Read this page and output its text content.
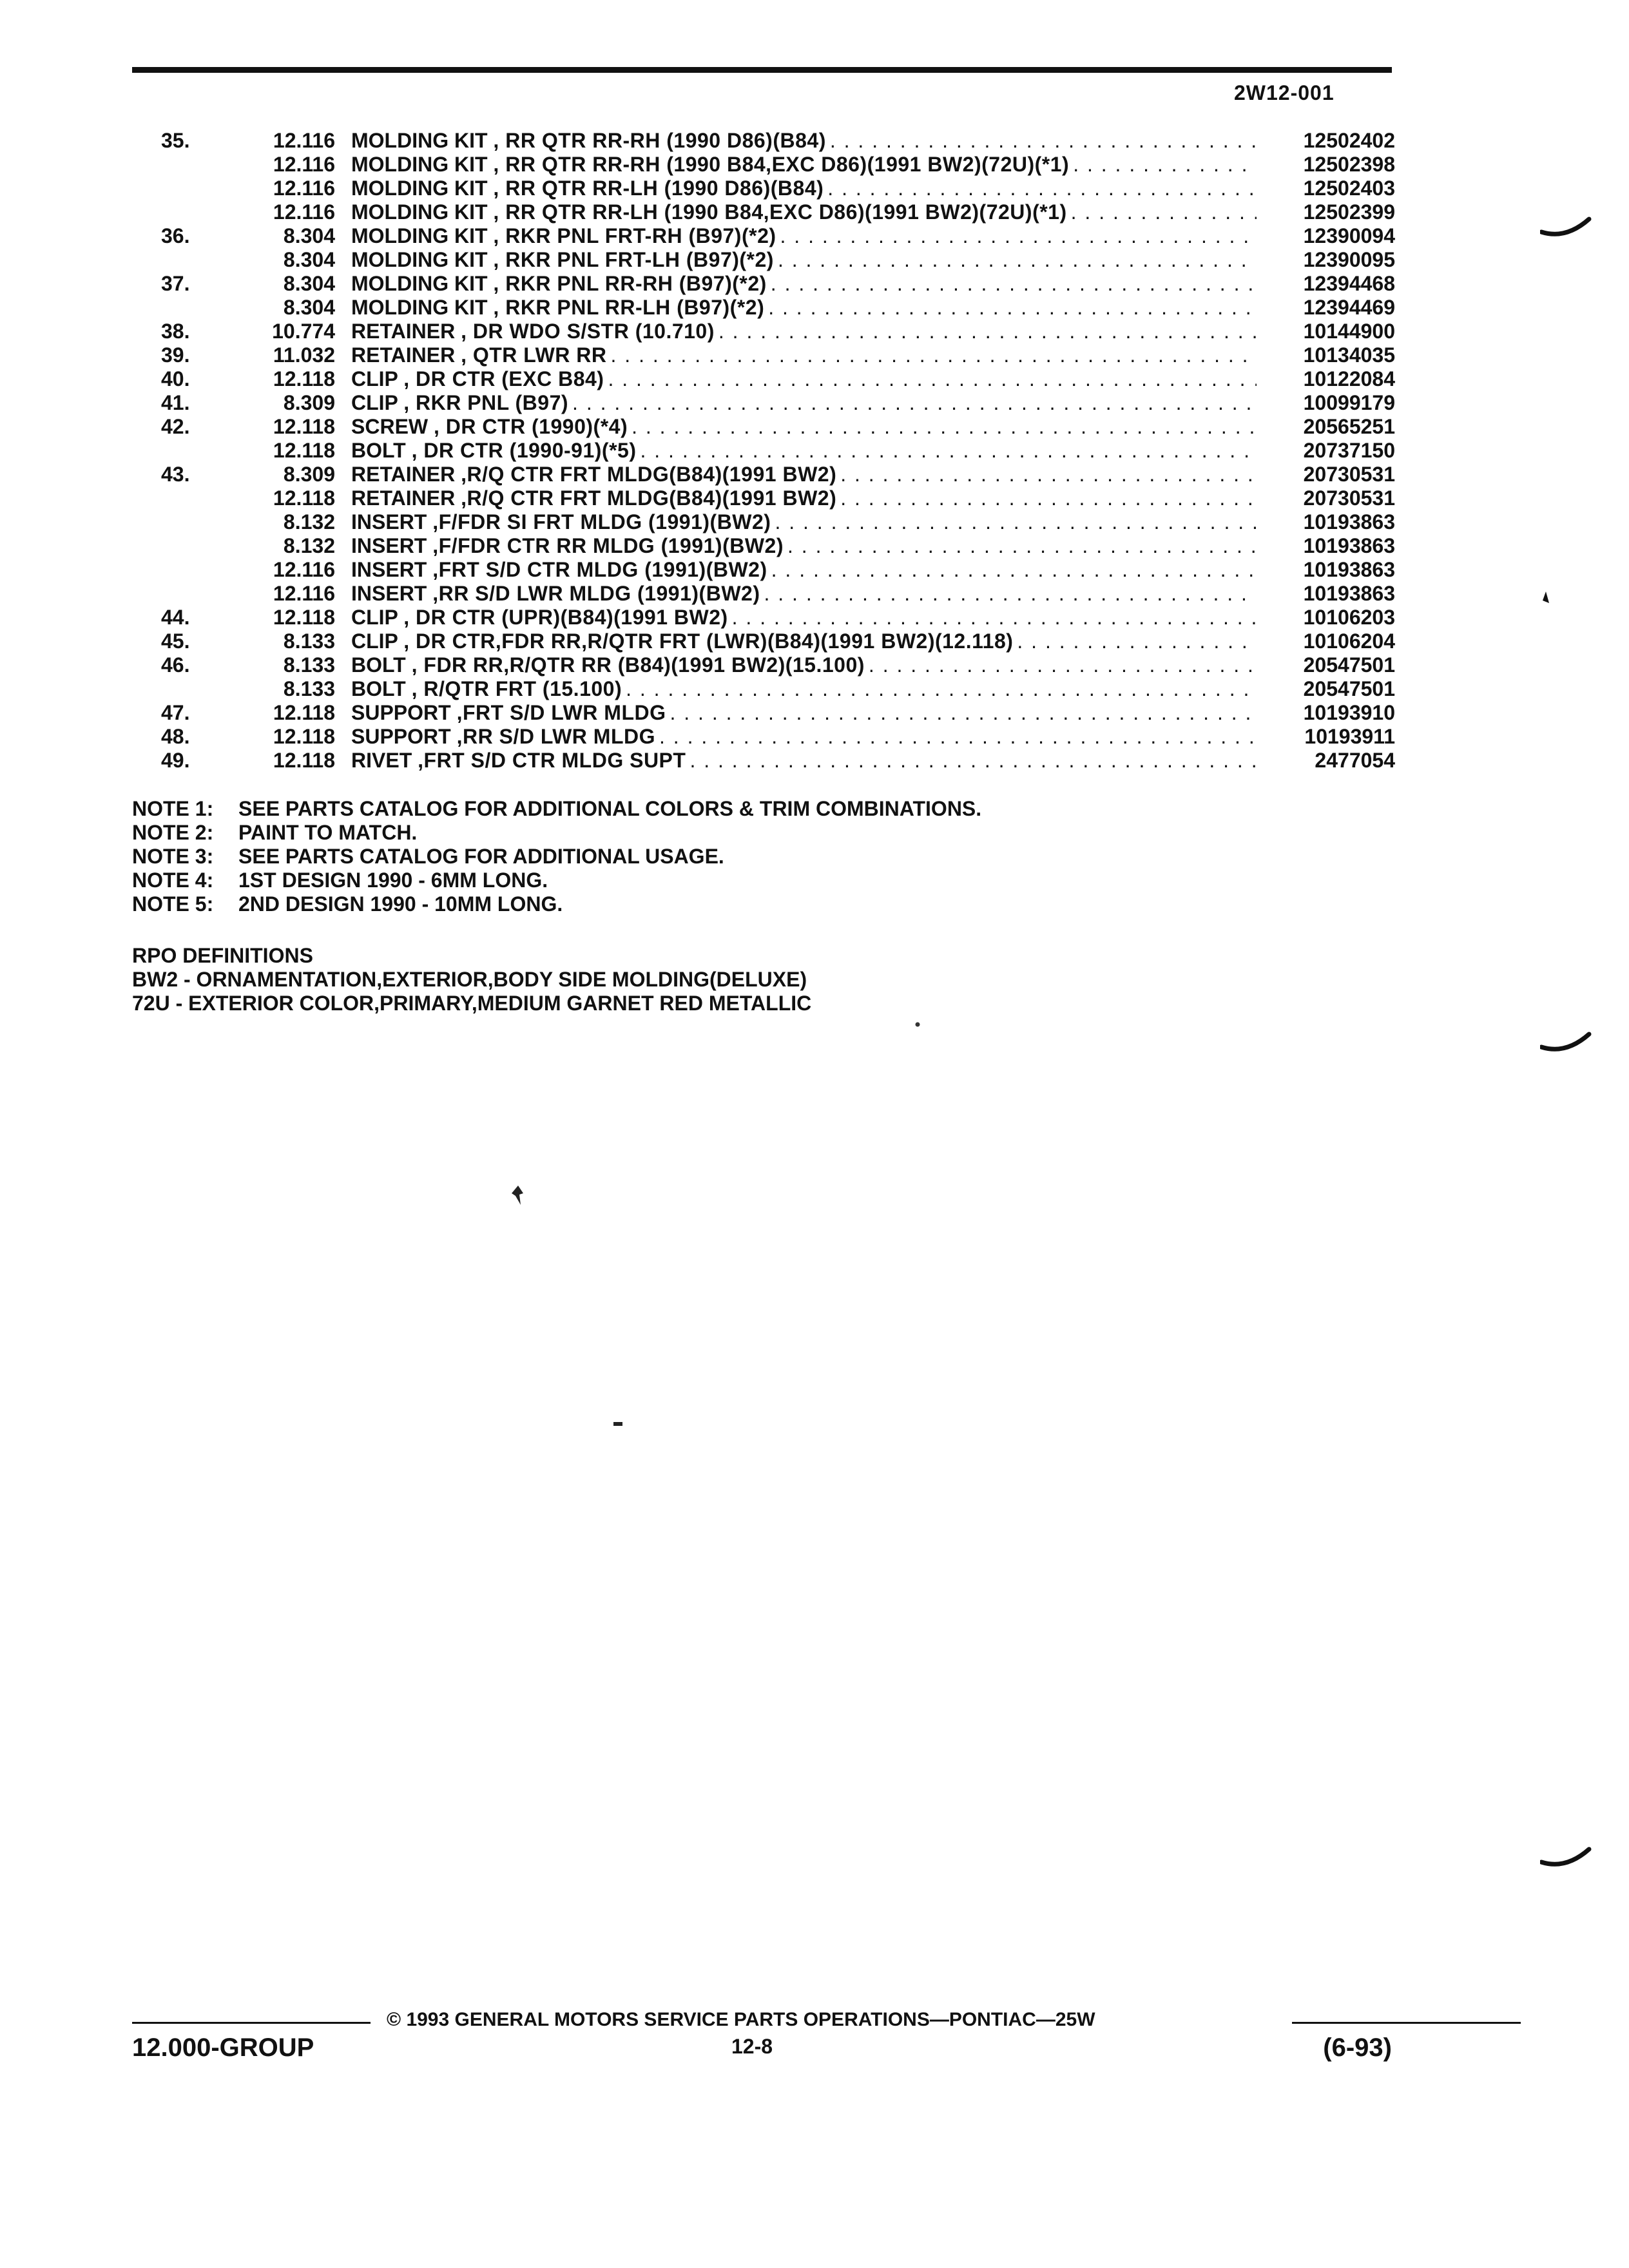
2W12-001
35.	12.116 MOLDING KIT , RR QTR RR-RH (1990 D86)(B84) . . .	12502402
12.116 MOLDING KIT , RR QTR RR-RH (1990 B84,EXC D86)(1991 BW2)(72U)(*1) . . .	12502398
12.116 MOLDING KIT , RR QTR RR-LH (1990 D86)(B84) . . .	12502403
12.116 MOLDING KIT , RR QTR RR-LH (1990 B84,EXC D86)(1991 BW2)(72U)(*1) . . .	12502399
36.	8.304 MOLDING KIT , RKR PNL FRT-RH (B97)(*2) . . .	12390094
8.304 MOLDING KIT , RKR PNL FRT-LH (B97)(*2) . . .	12390095
37.	8.304 MOLDING KIT , RKR PNL RR-RH (B97)(*2) . . .	12394468
8.304 MOLDING KIT , RKR PNL RR-LH (B97)(*2) . . .	12394469
38.	10.774 RETAINER , DR WDO S/STR (10.710) . . .	10144900
39.	11.032 RETAINER , QTR LWR RR . . .	10134035
40.	12.118 CLIP , DR CTR (EXC B84) . . .	10122084
41.	8.309 CLIP , RKR PNL (B97) . . .	10099179
42.	12.118 SCREW , DR CTR (1990)(*4) . . .	20565251
12.118 BOLT , DR CTR (1990-91)(*5) . . .	20737150
43.	8.309 RETAINER ,R/Q CTR FRT MLDG(B84)(1991 BW2) . . .	20730531
12.118 RETAINER ,R/Q CTR FRT MLDG(B84)(1991 BW2) . . .	20730531
8.132 INSERT ,F/FDR SI FRT MLDG (1991)(BW2) . . .	10193863
8.132 INSERT ,F/FDR CTR RR MLDG (1991)(BW2) . . .	10193863
12.116 INSERT ,FRT S/D CTR MLDG (1991)(BW2) . . .	10193863
12.116 INSERT ,RR S/D LWR MLDG (1991)(BW2) . . .	10193863
44.	12.118 CLIP , DR CTR (UPR)(B84)(1991 BW2) . . .	10106203
45.	8.133 CLIP , DR CTR,FDR RR,R/QTR FRT (LWR)(B84)(1991 BW2)(12.118) . . .	10106204
46.	8.133 BOLT , FDR RR,R/QTR RR (B84)(1991 BW2)(15.100) . . .	20547501
8.133 BOLT , R/QTR FRT (15.100) . . .	20547501
47.	12.118 SUPPORT ,FRT S/D LWR MLDG . . .	10193910
48.	12.118 SUPPORT ,RR S/D LWR MLDG . . .	10193911
49.	12.118 RIVET ,FRT S/D CTR MLDG SUPT . . .	2477054
NOTE 1: SEE PARTS CATALOG FOR ADDITIONAL COLORS & TRIM COMBINATIONS.
NOTE 2: PAINT TO MATCH.
NOTE 3: SEE PARTS CATALOG FOR ADDITIONAL USAGE.
NOTE 4: 1ST DESIGN 1990 - 6MM LONG.
NOTE 5: 2ND DESIGN 1990 - 10MM LONG.
RPO DEFINITIONS
BW2 - ORNAMENTATION,EXTERIOR,BODY SIDE MOLDING(DELUXE)
72U - EXTERIOR COLOR,PRIMARY,MEDIUM GARNET RED METALLIC
© 1993 GENERAL MOTORS SERVICE PARTS OPERATIONS—PONTIAC—25W
12.000-GROUP	12-8	(6-93)
